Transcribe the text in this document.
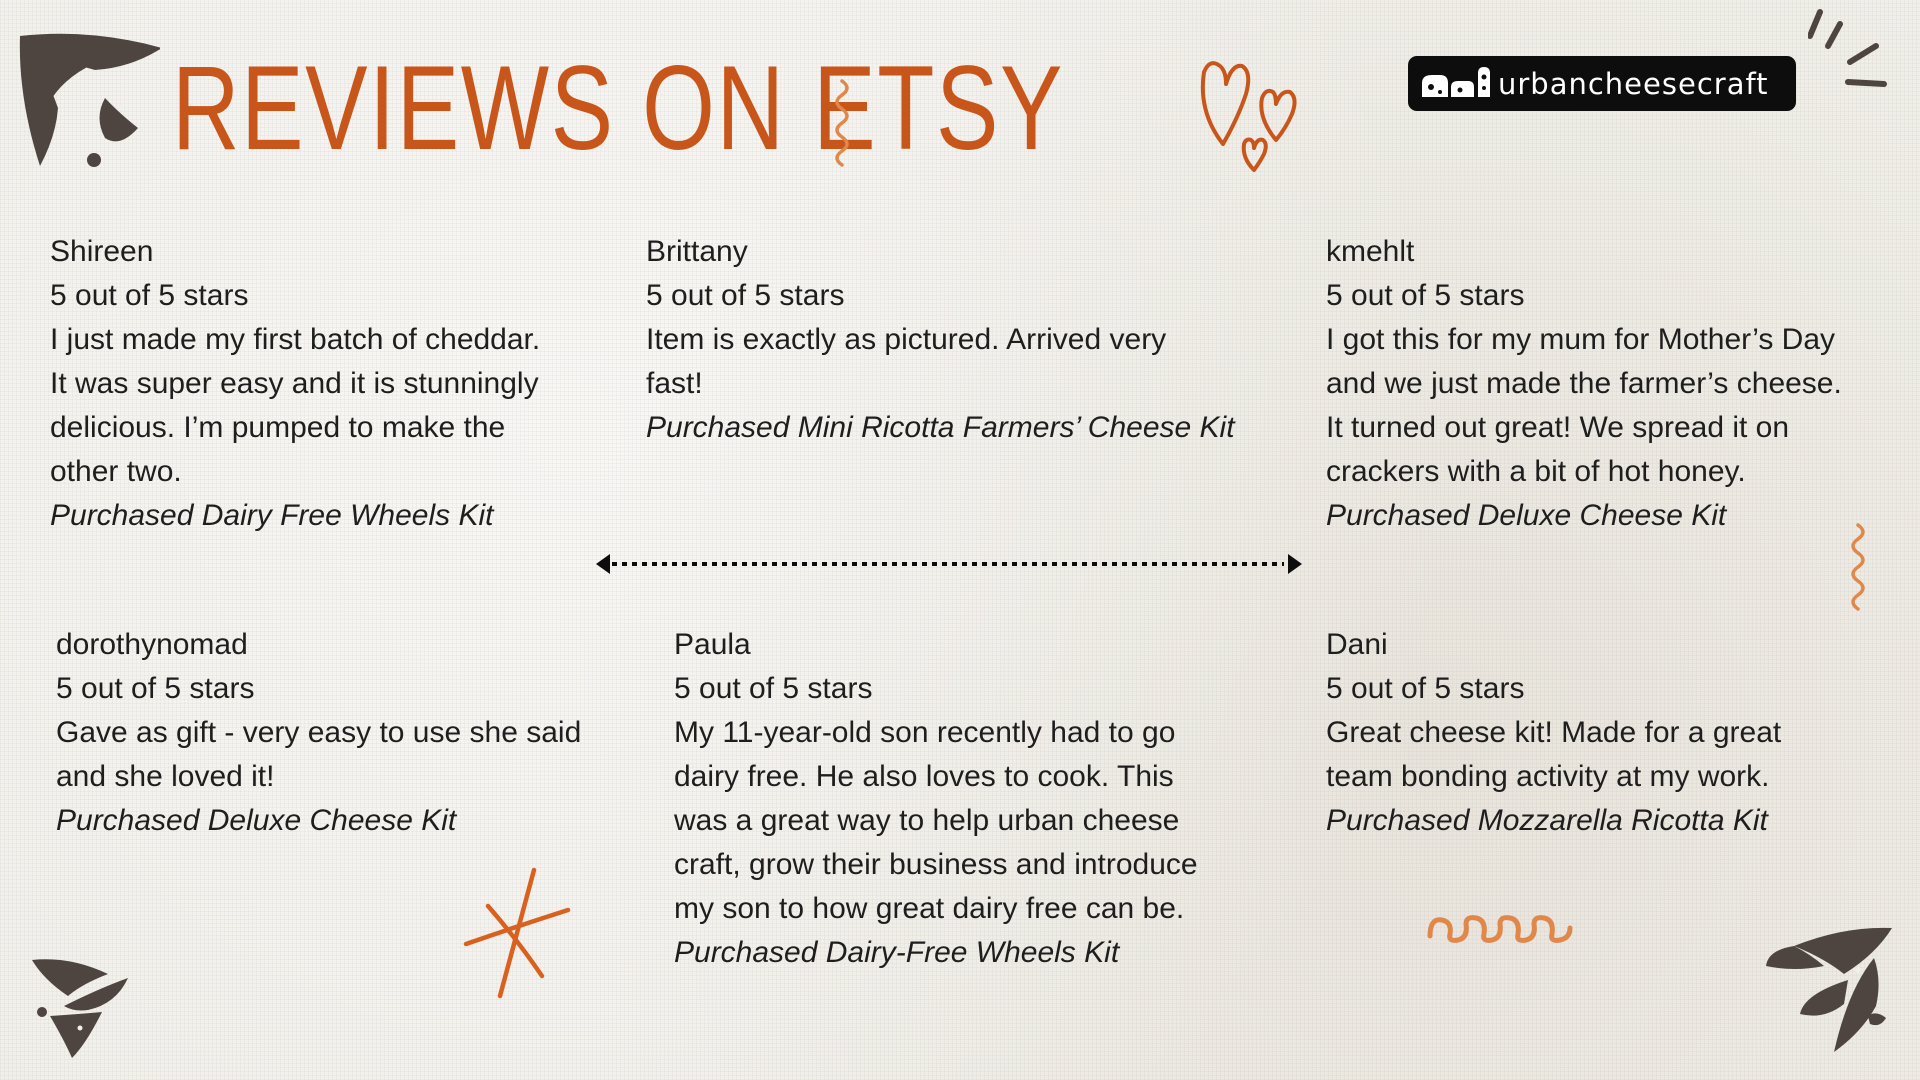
REVIEWS ON ETSY	urbancheesecraft
Shireen
5 out of 5 stars
I just made my first batch of cheddar.
It was super easy and it is stunningly
delicious. I’m pumped to make the
other two.
Purchased Dairy Free Wheels Kit
Brittany
5 out of 5 stars
Item is exactly as pictured. Arrived very
fast!
Purchased Mini Ricotta Farmers’ Cheese Kit
kmehlt
5 out of 5 stars
I got this for my mum for Mother’s Day
and we just made the farmer’s cheese.
It turned out great! We spread it on
crackers with a bit of hot honey.
Purchased Deluxe Cheese Kit
dorothynomad
5 out of 5 stars
Gave as gift - very easy to use she said
and she loved it!
Purchased Deluxe Cheese Kit
Paula
5 out of 5 stars
My 11-year-old son recently had to go
dairy free. He also loves to cook. This
was a great way to help urban cheese
craft, grow their business and introduce
my son to how great dairy free can be.
Purchased Dairy-Free Wheels Kit
Dani
5 out of 5 stars
Great cheese kit! Made for a great
team bonding activity at my work.
Purchased Mozzarella Ricotta Kit
